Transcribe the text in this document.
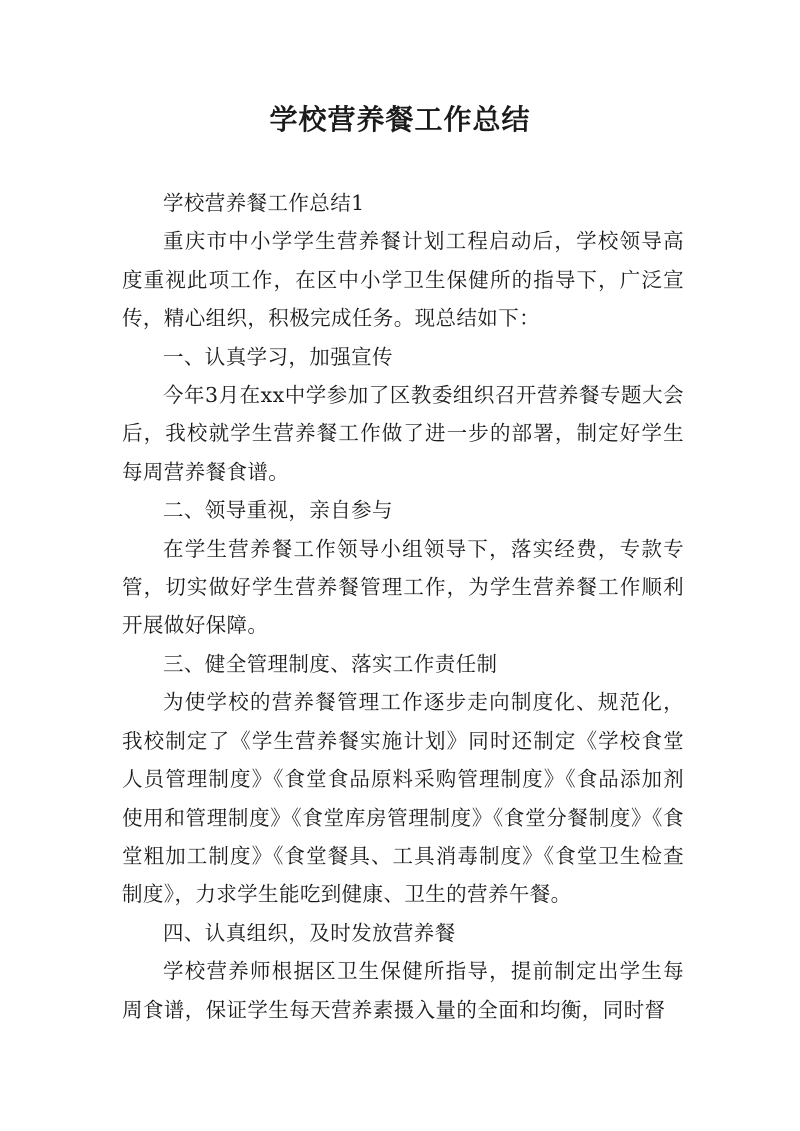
学校营养餐工作总结

学校营养餐工作总结1

重庆市中小学学生营养餐计划工程启动后，学校领导高度重视此项工作，在区中小学卫生保健所的指导下，广泛宣传，精心组织，积极完成任务。现总结如下：

一、认真学习，加强宣传

今年3月在xx中学参加了区教委组织召开营养餐专题大会后，我校就学生营养餐工作做了进一步的部署，制定好学生每周营养餐食谱。

二、领导重视，亲自参与

在学生营养餐工作领导小组领导下，落实经费，专款专管，切实做好学生营养餐管理工作，为学生营养餐工作顺利开展做好保障。

三、健全管理制度、落实工作责任制

为使学校的营养餐管理工作逐步走向制度化、规范化，我校制定了《学生营养餐实施计划》同时还制定《学校食堂人员管理制度》《食堂食品原料采购管理制度》《食品添加剂使用和管理制度》《食堂库房管理制度》《食堂分餐制度》《食堂粗加工制度》《食堂餐具、工具消毒制度》《食堂卫生检查制度》，力求学生能吃到健康、卫生的营养午餐。

四、认真组织，及时发放营养餐

学校营养师根据区卫生保健所指导，提前制定出学生每周食谱，保证学生每天营养素摄入量的全面和均衡，同时督
